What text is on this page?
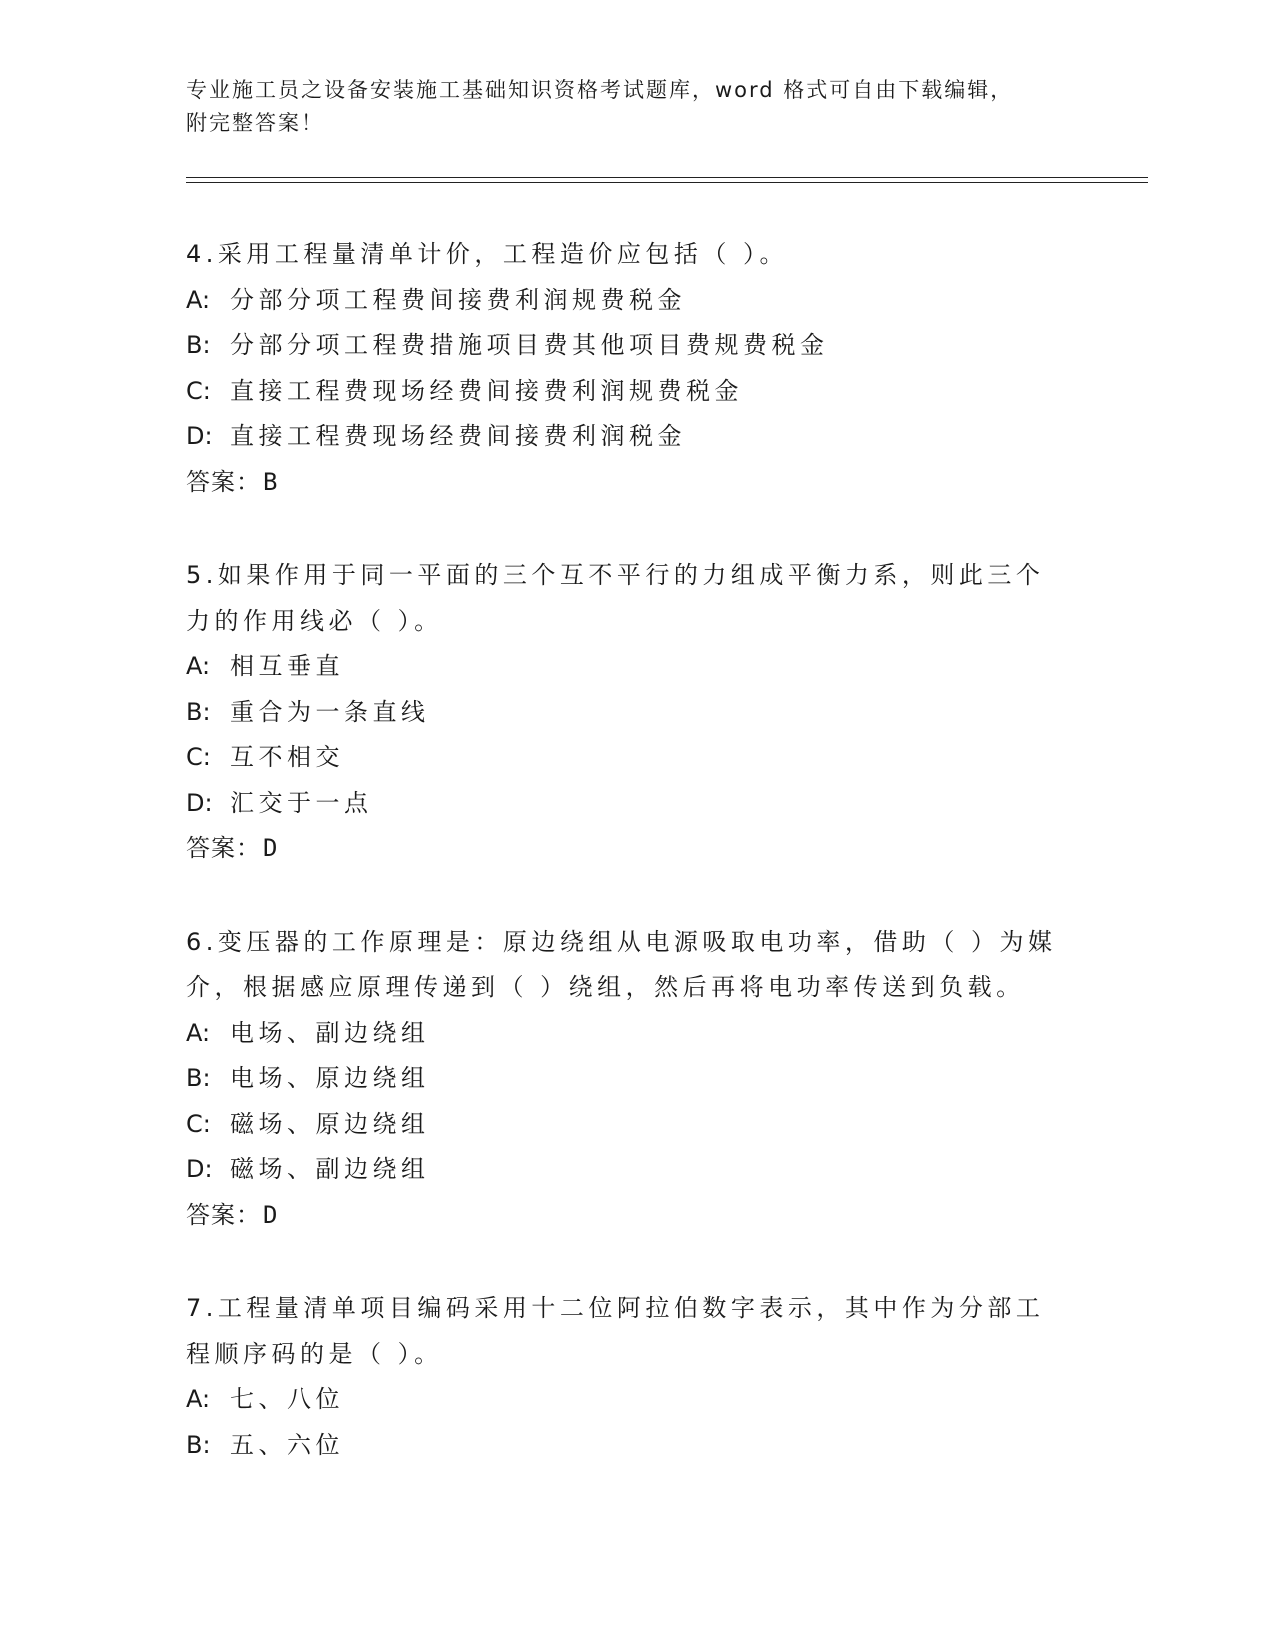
专业施工员之设备安装施工基础知识资格考试题库，word 格式可自由下载编辑，
附完整答案！
4.采用工程量清单计价，工程造价应包括（ ）。
A: 分部分项工程费间接费利润规费税金
B: 分部分项工程费措施项目费其他项目费规费税金
C: 直接工程费现场经费间接费利润规费税金
D: 直接工程费现场经费间接费利润税金
答案：B
5.如果作用于同一平面的三个互不平行的力组成平衡力系，则此三个
力的作用线必（ ）。
A: 相互垂直
B: 重合为一条直线
C: 互不相交
D: 汇交于一点
答案：D
6.变压器的工作原理是：原边绕组从电源吸取电功率，借助（ ）为媒
介，根据感应原理传递到（ ）绕组，然后再将电功率传送到负载。
A: 电场、副边绕组
B: 电场、原边绕组
C: 磁场、原边绕组
D: 磁场、副边绕组
答案：D
7.工程量清单项目编码采用十二位阿拉伯数字表示，其中作为分部工
程顺序码的是（ ）。
A: 七、八位
B: 五、六位
